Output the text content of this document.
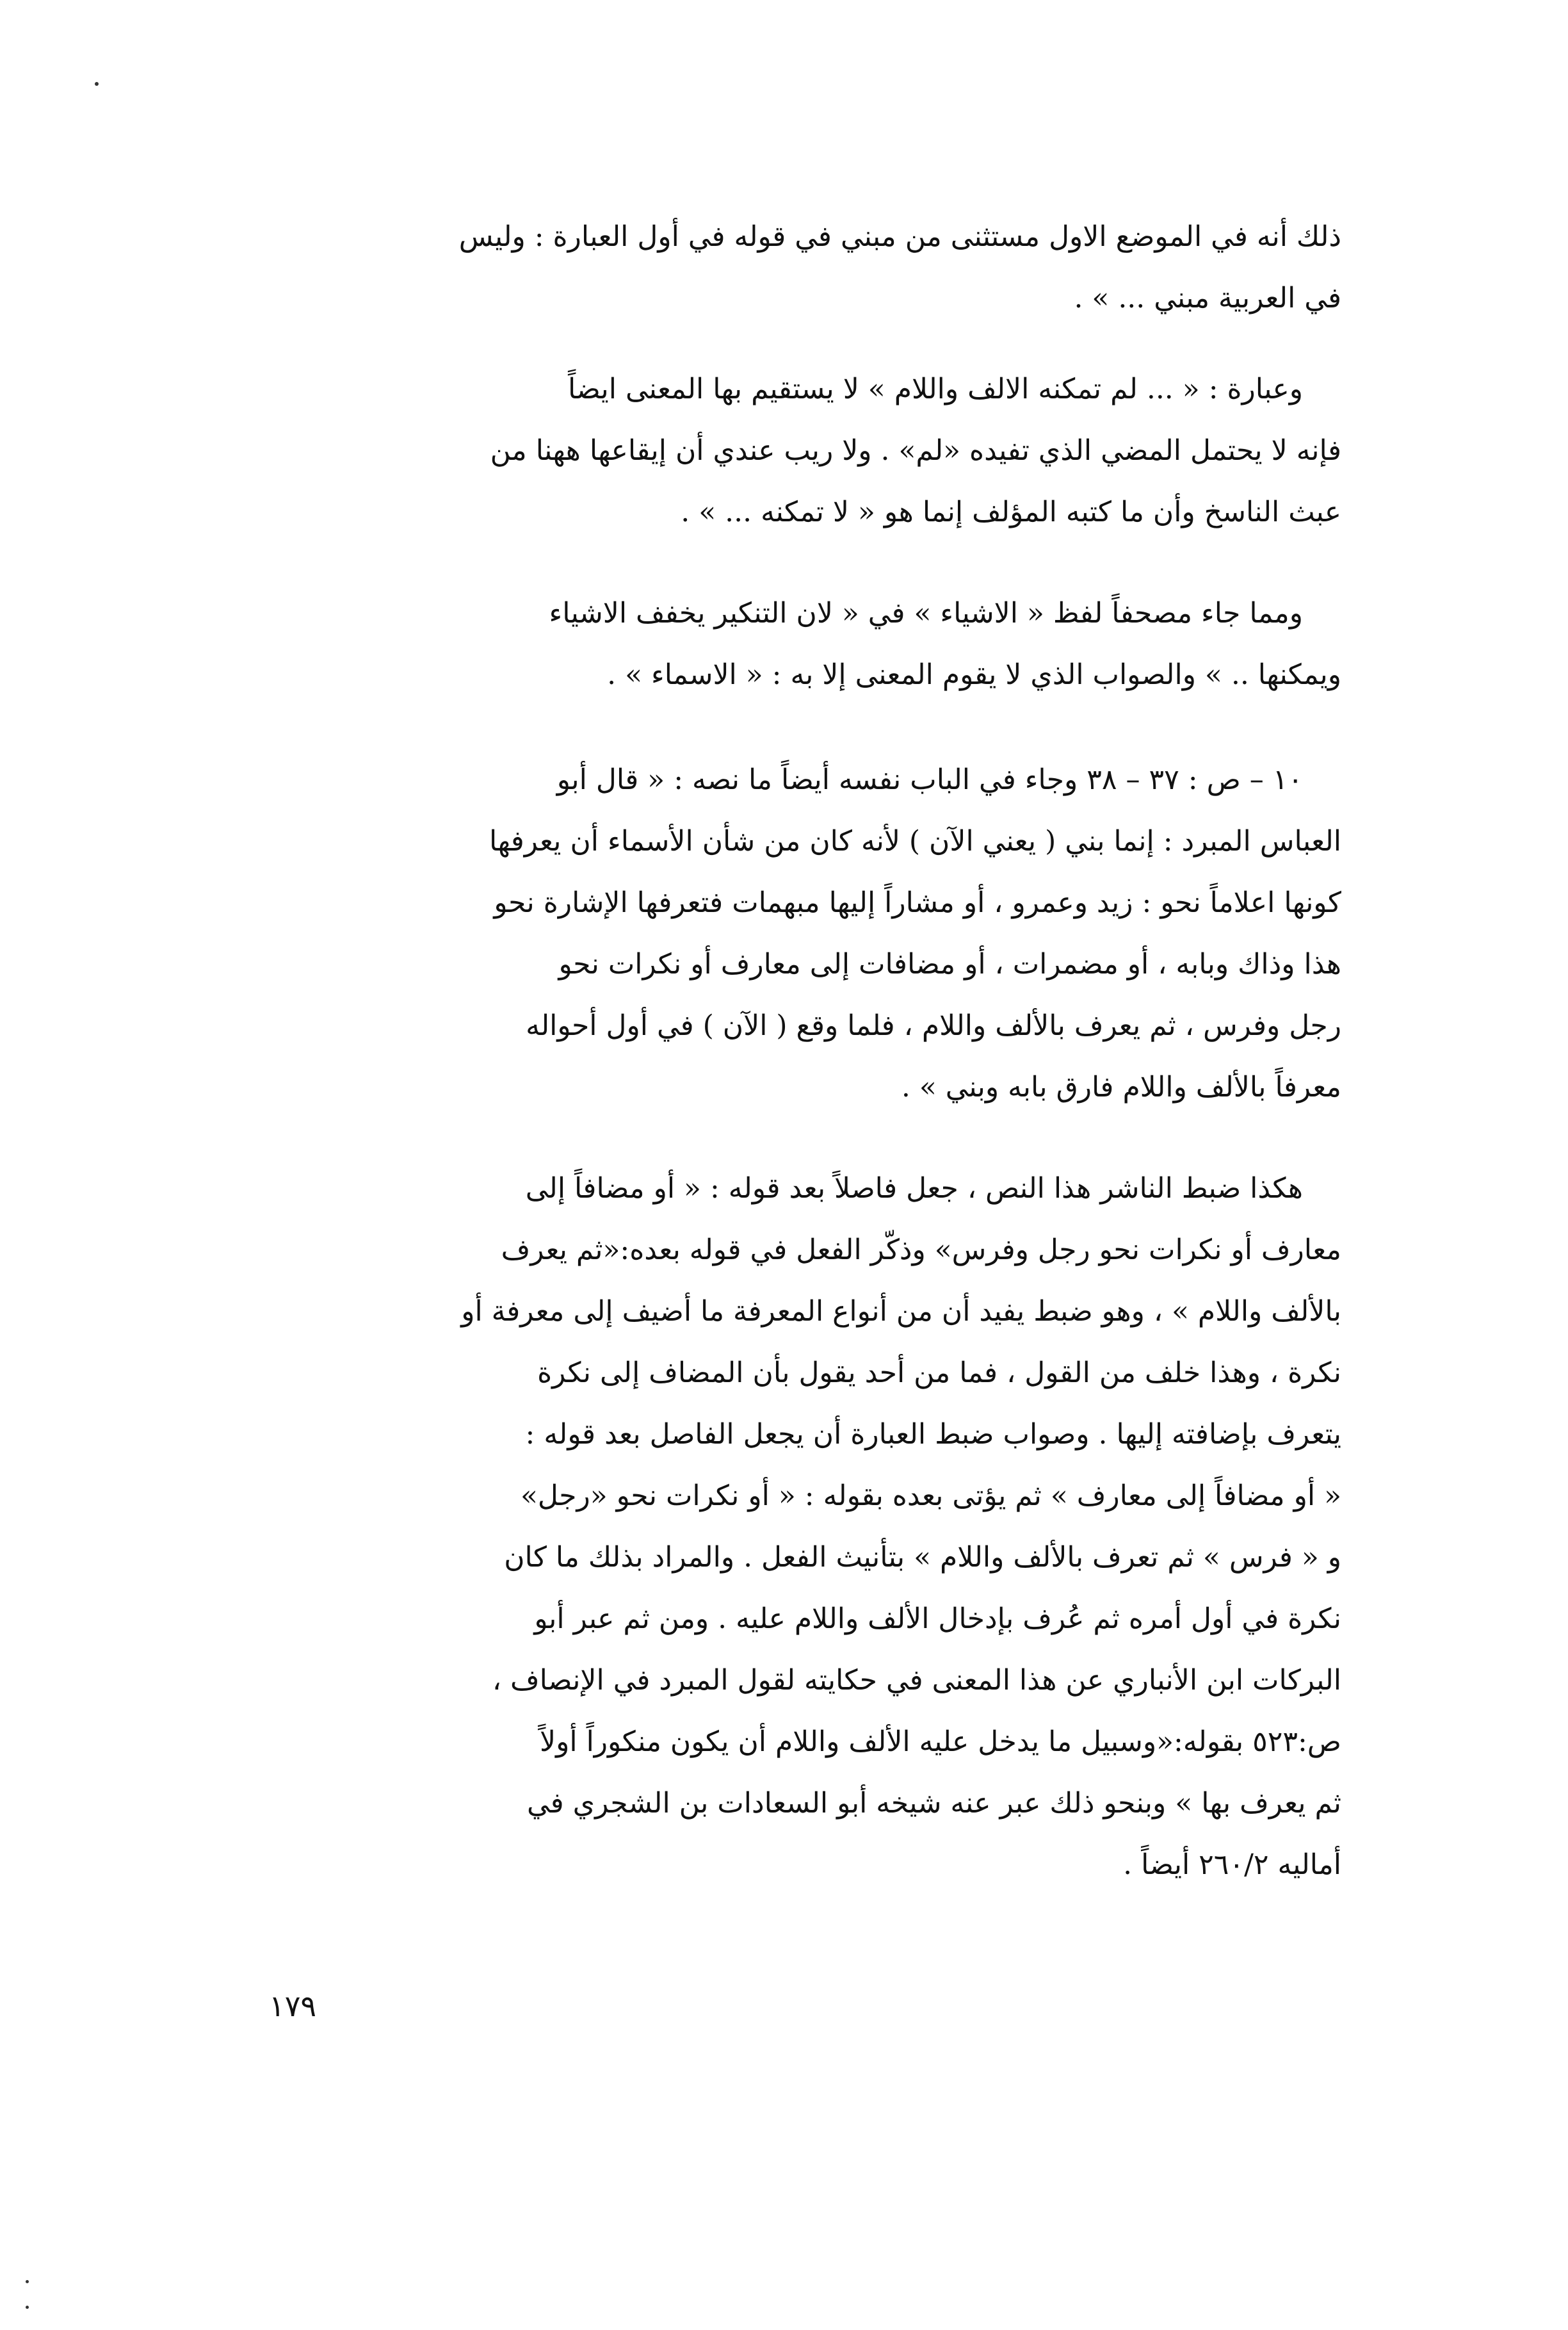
ذلك أنه في الموضع الاول مستثنى من مبني في قوله في أول العبارة : وليس
في العربية مبني ... » .

وعبارة : « ... لم تمكنه الالف واللام » لا يستقيم بها المعنى ايضاً
فإنه لا يحتمل المضي الذي تفيده «لم» . ولا ريب عندي أن إيقاعها ههنا من
عبث الناسخ وأن ما كتبه المؤلف إنما هو « لا تمكنه ... » .

ومما جاء مصحفاً لفظ « الاشياء » في « لان التنكير يخفف الاشياء
ويمكنها .. » والصواب الذي لا يقوم المعنى إلا به : « الاسماء » .

١٠ – ص : ٣٧ – ٣٨ وجاء في الباب نفسه أيضاً ما نصه : « قال أبو
العباس المبرد : إنما بني ( يعني الآن ) لأنه كان من شأن الأسماء أن يعرفها
كونها اعلاماً نحو : زيد وعمرو ، أو مشاراً إليها مبهمات فتعرفها الإشارة نحو
هذا وذاك وبابه ، أو مضمرات ، أو مضافات إلى معارف أو نكرات نحو
رجل وفرس ، ثم يعرف بالألف واللام ، فلما وقع ( الآن ) في أول أحواله
معرفاً بالألف واللام فارق بابه وبني » .

هكذا ضبط الناشر هذا النص ، جعل فاصلاً بعد قوله : « أو مضافاً إلى
معارف أو نكرات نحو رجل وفرس» وذكّر الفعل في قوله بعده:«ثم يعرف
بالألف واللام » ، وهو ضبط يفيد أن من أنواع المعرفة ما أضيف إلى معرفة أو
نكرة ، وهذا خلف من القول ، فما من أحد يقول بأن المضاف إلى نكرة
يتعرف بإضافته إليها . وصواب ضبط العبارة أن يجعل الفاصل بعد قوله :
« أو مضافاً إلى معارف » ثم يؤتى بعده بقوله : « أو نكرات نحو «رجل»
و « فرس » ثم تعرف بالألف واللام » بتأنيث الفعل . والمراد بذلك ما كان
نكرة في أول أمره ثم عُرف بإدخال الألف واللام عليه . ومن ثم عبر أبو
البركات ابن الأنباري عن هذا المعنى في حكايته لقول المبرد في الإنصاف ،
ص:٥٢٣ بقوله:«وسبيل ما يدخل عليه الألف واللام أن يكون منكوراً أولاً
ثم يعرف بها » وبنحو ذلك عبر عنه شيخه أبو السعادات بن الشجري في
أماليه ٢٦٠/٢ أيضاً .

١٧٩
